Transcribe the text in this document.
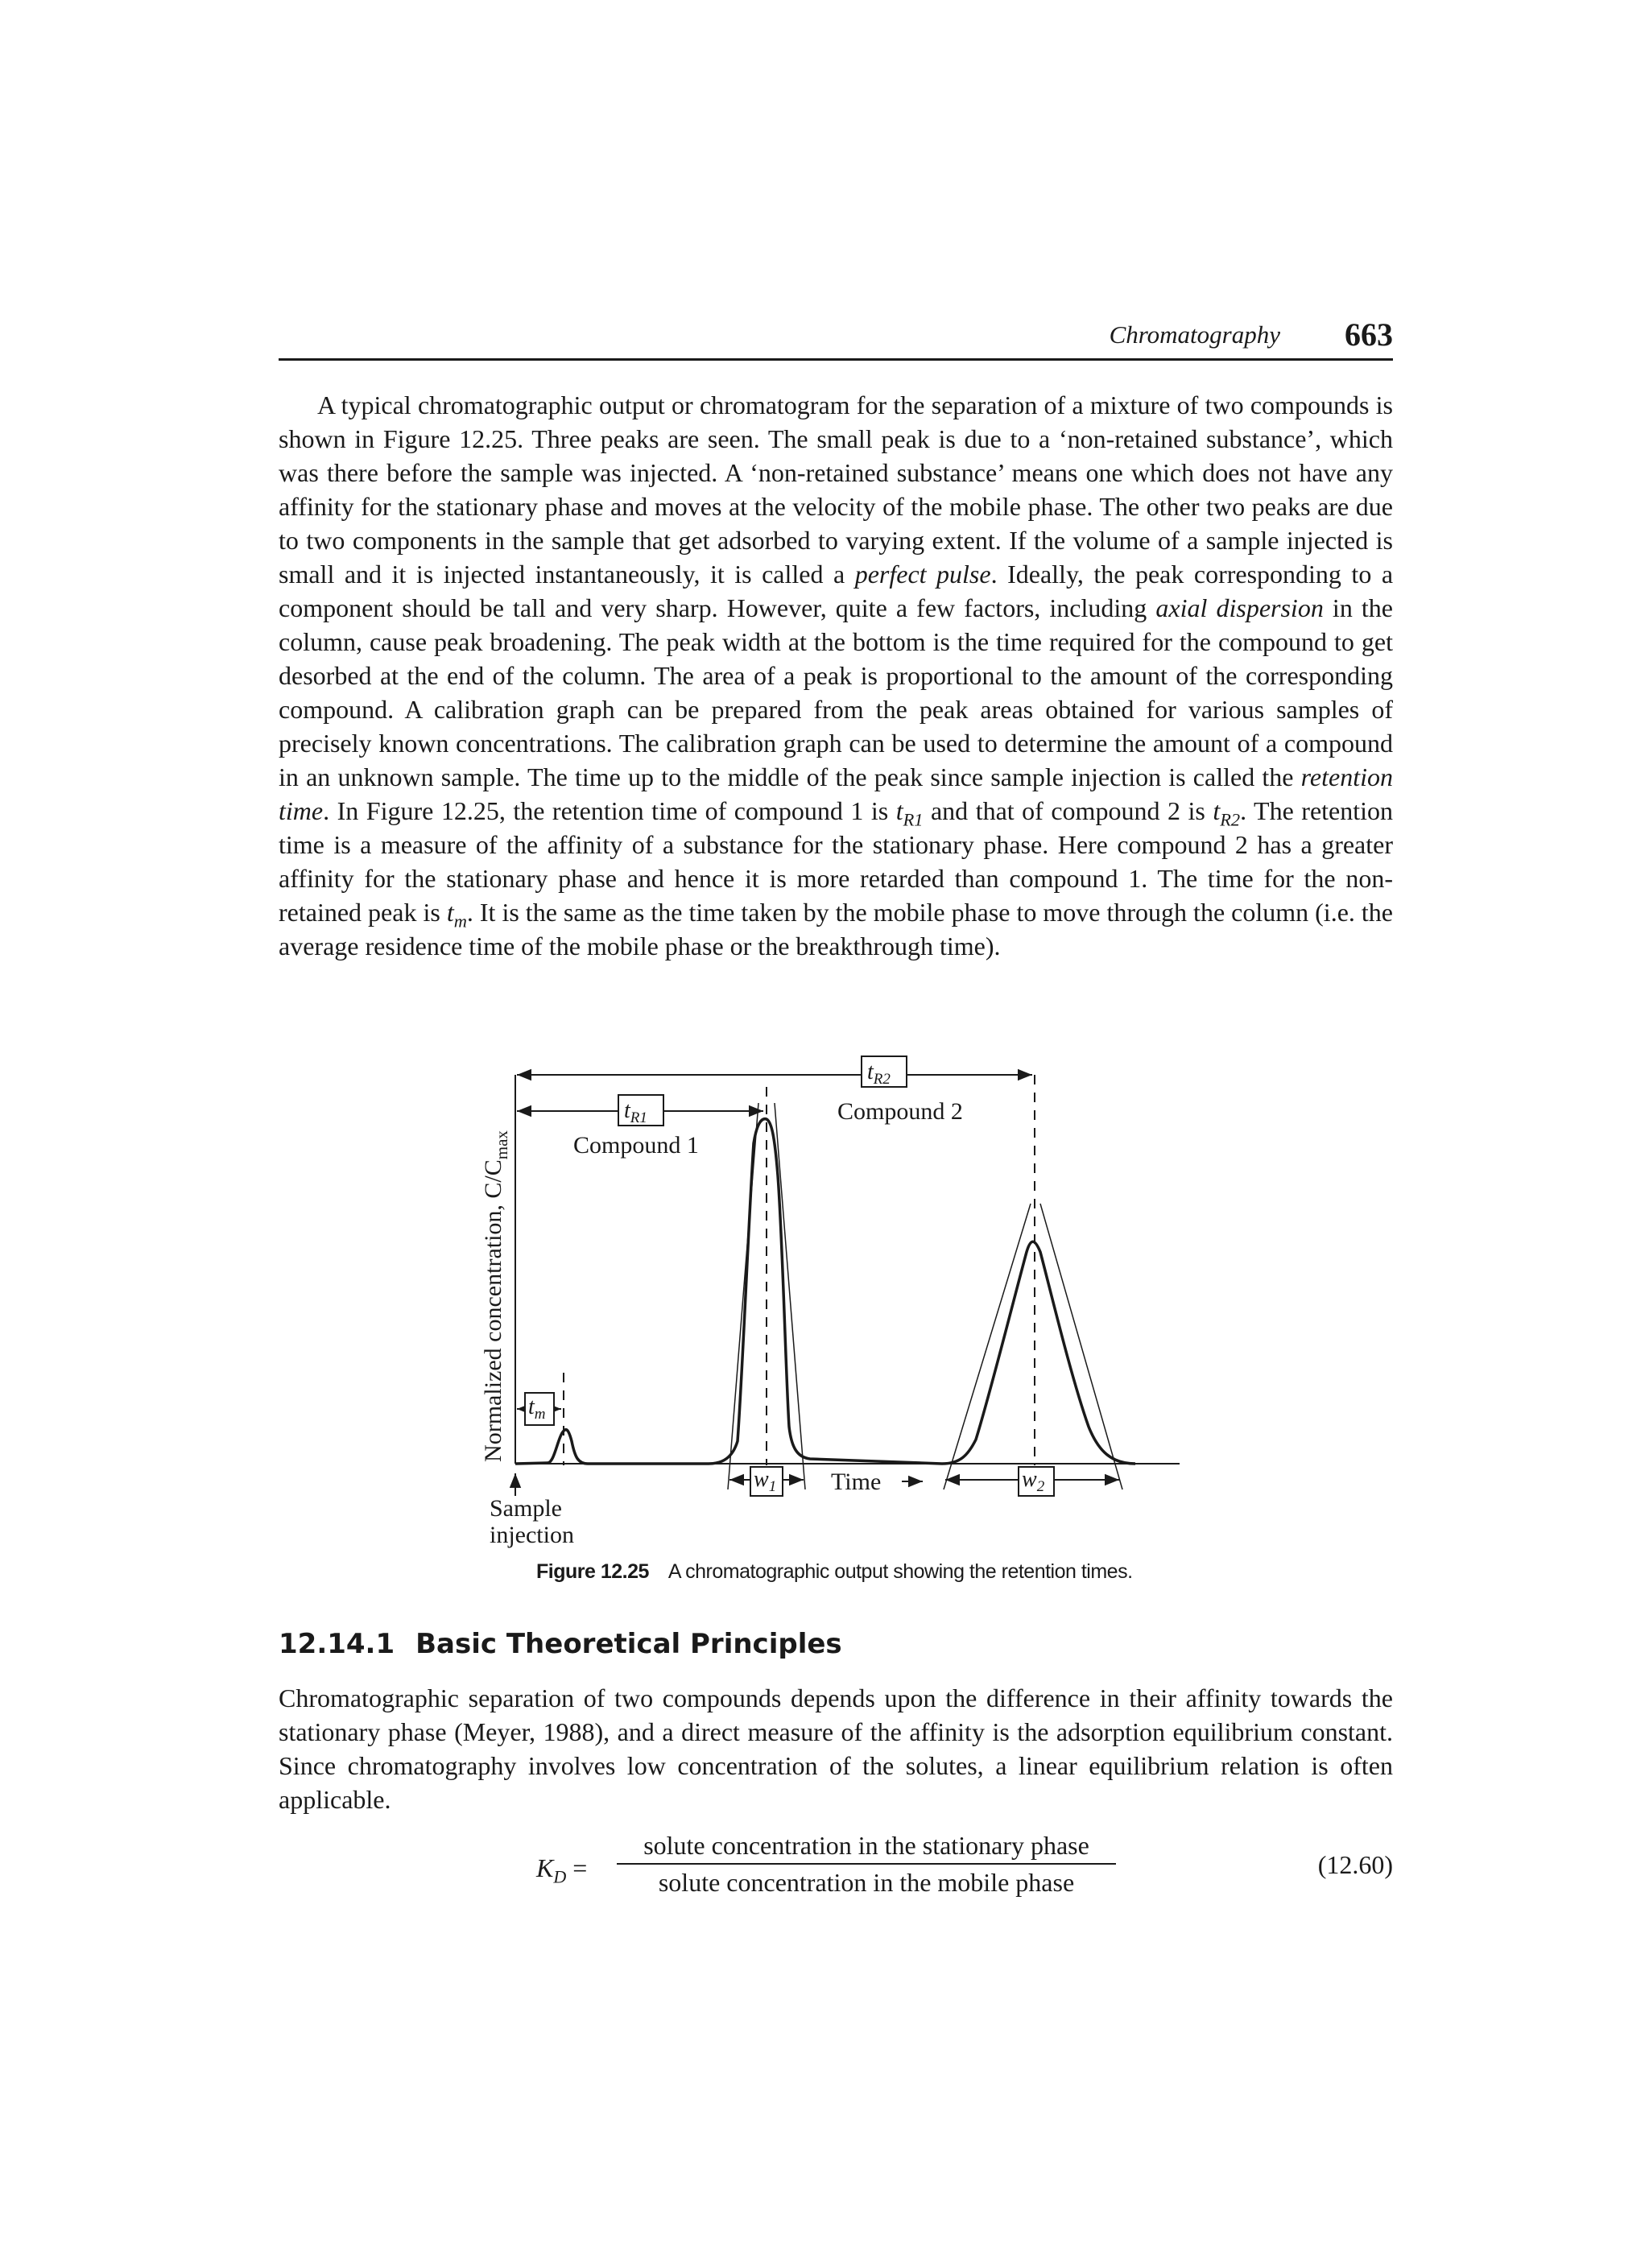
Chromatography 663
A typical chromatographic output or chromatogram for the separation of a mixture of two compounds is shown in Figure 12.25. Three peaks are seen. The small peak is due to a ‘non-retained substance’, which was there before the sample was injected. A ‘non-retained substance’ means one which does not have any affinity for the stationary phase and moves at the velocity of the mobile phase. The other two peaks are due to two components in the sample that get adsorbed to varying extent. If the volume of a sample injected is small and it is injected instantaneously, it is called a perfect pulse. Ideally, the peak corresponding to a component should be tall and very sharp. However, quite a few factors, including axial dispersion in the column, cause peak broadening. The peak width at the bottom is the time required for the compound to get desorbed at the end of the column. The area of a peak is proportional to the amount of the corresponding compound. A calibration graph can be prepared from the peak areas obtained for various samples of precisely known concentrations. The calibration graph can be used to determine the amount of a compound in an unknown sample. The time up to the middle of the peak since sample injection is called the retention time. In Figure 12.25, the retention time of compound 1 is $t_{R1}$ and that of compound 2 is $t_{R2}$. The retention time is a measure of the affinity of a substance for the stationary phase. Here compound 2 has a greater affinity for the stationary phase and hence it is more retarded than compound 1. The time for the non-retained peak is $t_m$. It is the same as the time taken by the mobile phase to move through the column (i.e. the average residence time of the mobile phase or the breakthrough time).
Normalized concentration, $C/C_{max}$
$t_{R2}$
Compound 2
$t_{R1}$
Compound 1
$t_m$
$w_1$ Time	$w_2$
Sample
injection
Figure 12.25 A chromatographic output showing the retention times.
12.14.1 Basic Theoretical Principles
Chromatographic separation of two compounds depends upon the difference in their affinity towards the stationary phase (Meyer, 1988), and a direct measure of the affinity is the adsorption equilibrium constant. Since chromatography involves low concentration of the solutes, a linear equilibrium relation is often applicable.
$K_D$ =
solute concentration in the stationary phase
solute concentration in the mobile phase
(12.60)
